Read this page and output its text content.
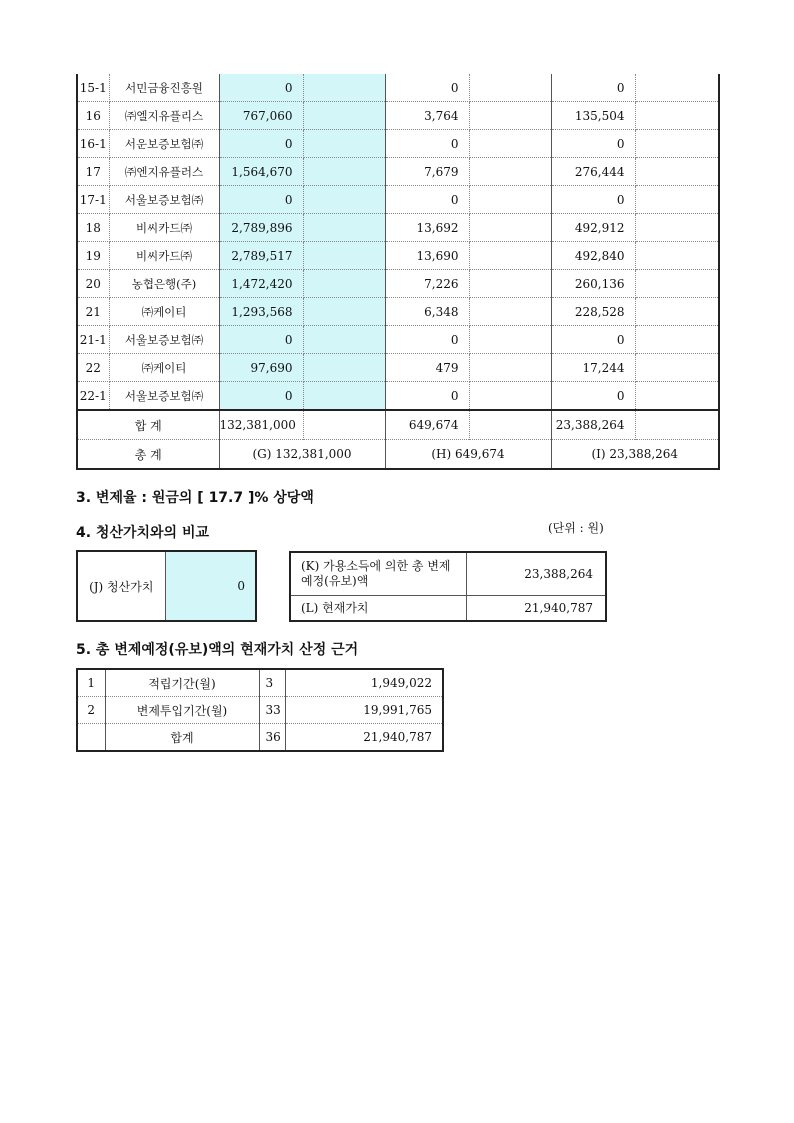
15-1	서민금융진흥원	0		0		0	
16	㈜엘지유플리스	767,060		3,764		135,504	
16-1	서운보증보험㈜	0		0		0	
17	㈜엔지유플러스	1,564,670		7,679		276,444	
17-1	서울보증보험㈜	0		0		0	
18	비씨카드㈜	2,789,896		13,692		492,912	
19	비씨카드㈜	2,789,517		13,690		492,840	
20	농협은행(주)	1,472,420		7,226		260,136	
21	㈜케이티	1,293,568		6,348		228,528	
21-1	서울보증보험㈜	0		0		0	
22	㈜케이티	97,690		479		17,244	
22-1	서울보증보험㈜	0		0		0	
합 계		132,381,000		649,674		23,388,264	
총 계		(G) 132,381,000		(H) 649,674		(I) 23,388,264	
3. 변제율 : 원금의 [ 17.7 ]% 상당액
4. 청산가치와의 비교	(단위 : 원)
(J) 청산가치	0
(K) 가용소득에 의한 총 변제예정(유보)액	23,388,264
(L) 현재가치	21,940,787
5. 총 변제예정(유보)액의 현재가치 산정 근거
1	적립기간(월)	3	1,949,022
2	변제투입기간(월)	33	19,991,765
	합계	36	21,940,787
